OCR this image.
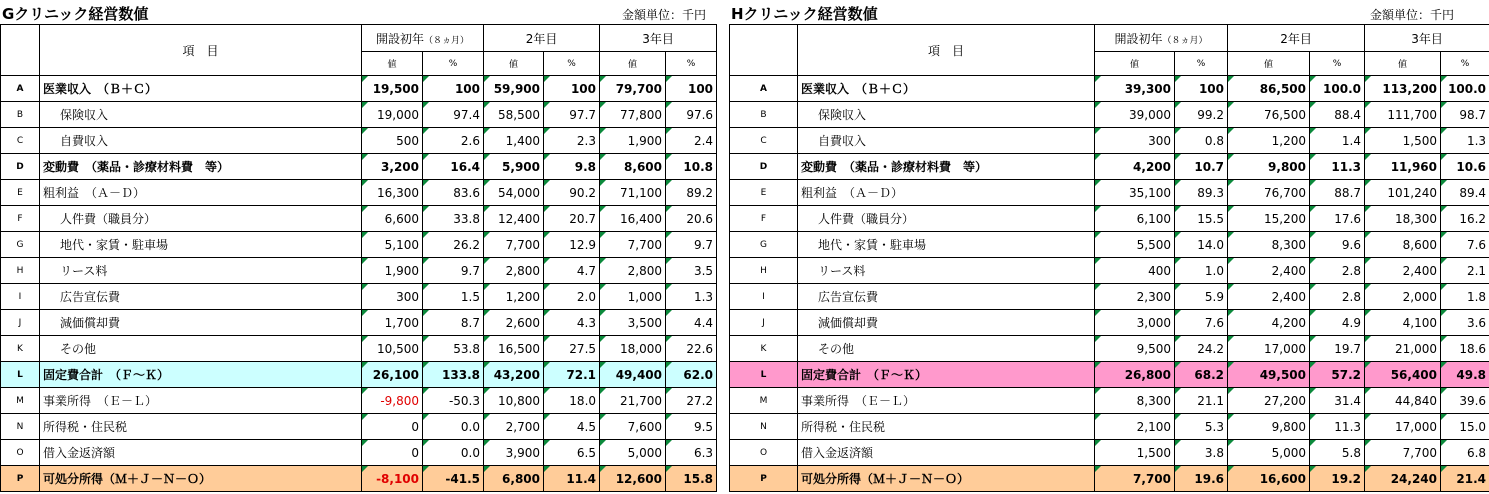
Gクリニック経営数値	金額単位：千円
	項　目	開設初年（８ヵ月）		2年目		3年目	
		値	%	値	%	値	%
A	医業収入　（Ｂ＋Ｃ）	19,500	100	59,900	100	79,700	100
B	保険収入	19,000	97.4	58,500	97.7	77,800	97.6
C	自費収入	500	2.6	1,400	2.3	1,900	2.4
D	変動費　（薬品・診療材料費　等）	3,200	16.4	5,900	9.8	8,600	10.8
E	粗利益　（Ａ－Ｄ）	16,300	83.6	54,000	90.2	71,100	89.2
F	人件費（職員分）	6,600	33.8	12,400	20.7	16,400	20.6
G	地代・家賃・駐車場	5,100	26.2	7,700	12.9	7,700	9.7
H	リース料	1,900	9.7	2,800	4.7	2,800	3.5
I	広告宣伝費	300	1.5	1,200	2.0	1,000	1.3
J	減価償却費	1,700	8.7	2,600	4.3	3,500	4.4
K	その他	10,500	53.8	16,500	27.5	18,000	22.6
L	固定費合計　（Ｆ～Ｋ）	26,100	133.8	43,200	72.1	49,400	62.0
M	事業所得　（Ｅ－Ｌ）	-9,800	-50.3	10,800	18.0	21,700	27.2
N	所得税・住民税	0	0.0	2,700	4.5	7,600	9.5
O	借入金返済額	0	0.0	3,900	6.5	5,000	6.3
P	可処分所得（Ｍ＋Ｊ－Ｎ－Ｏ）	-8,100	-41.5	6,800	11.4	12,600	15.8
Hクリニック経営数値	金額単位：千円
	項　目	開設初年（８ヵ月）		2年目		3年目	
		値	%	値	%	値	%
A	医業収入　（Ｂ＋Ｃ）	39,300	100	86,500	100.0	113,200	100.0
B	保険収入	39,000	99.2	76,500	88.4	111,700	98.7
C	自費収入	300	0.8	1,200	1.4	1,500	1.3
D	変動費　（薬品・診療材料費　等）	4,200	10.7	9,800	11.3	11,960	10.6
E	粗利益　（Ａ－Ｄ）	35,100	89.3	76,700	88.7	101,240	89.4
F	人件費（職員分）	6,100	15.5	15,200	17.6	18,300	16.2
G	地代・家賃・駐車場	5,500	14.0	8,300	9.6	8,600	7.6
H	リース料	400	1.0	2,400	2.8	2,400	2.1
I	広告宣伝費	2,300	5.9	2,400	2.8	2,000	1.8
J	減価償却費	3,000	7.6	4,200	4.9	4,100	3.6
K	その他	9,500	24.2	17,000	19.7	21,000	18.6
L	固定費合計　（Ｆ～Ｋ）	26,800	68.2	49,500	57.2	56,400	49.8
M	事業所得　（Ｅ－Ｌ）	8,300	21.1	27,200	31.4	44,840	39.6
N	所得税・住民税	2,100	5.3	9,800	11.3	17,000	15.0
O	借入金返済額	1,500	3.8	5,000	5.8	7,700	6.8
P	可処分所得（Ｍ＋Ｊ－Ｎ－Ｏ）	7,700	19.6	16,600	19.2	24,240	21.4
